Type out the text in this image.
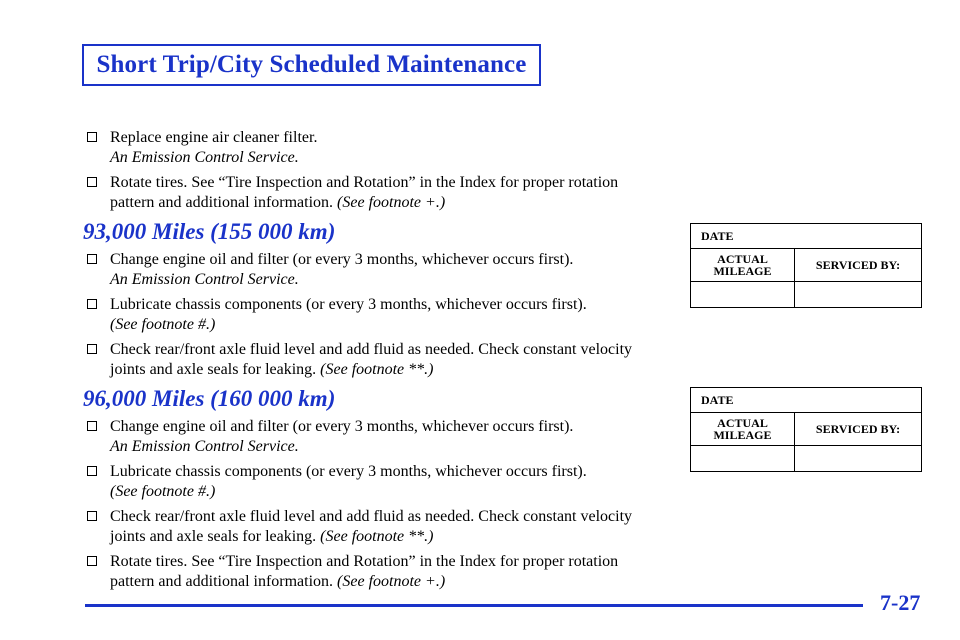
Short Trip/City Scheduled Maintenance
Replace engine air cleaner filter.
An Emission Control Service.
Rotate tires. See “Tire Inspection and Rotation” in the Index for proper rotation pattern and additional information. (See footnote +.)
93,000 Miles (155 000 km)
Change engine oil and filter (or every 3 months, whichever occurs first).
An Emission Control Service.
Lubricate chassis components (or every 3 months, whichever occurs first).
(See footnote #.)
Check rear/front axle fluid level and add fluid as needed. Check constant velocity joints and axle seals for leaking. (See footnote **.)
96,000 Miles (160 000 km)
Change engine oil and filter (or every 3 months, whichever occurs first).
An Emission Control Service.
Lubricate chassis components (or every 3 months, whichever occurs first).
(See footnote #.)
Check rear/front axle fluid level and add fluid as needed. Check constant velocity joints and axle seals for leaking. (See footnote **.)
Rotate tires. See “Tire Inspection and Rotation” in the Index for proper rotation pattern and additional information. (See footnote +.)
DATE	
ACTUAL MILEAGE	SERVICED BY:

DATE	
ACTUAL MILEAGE	SERVICED BY:

7-27
